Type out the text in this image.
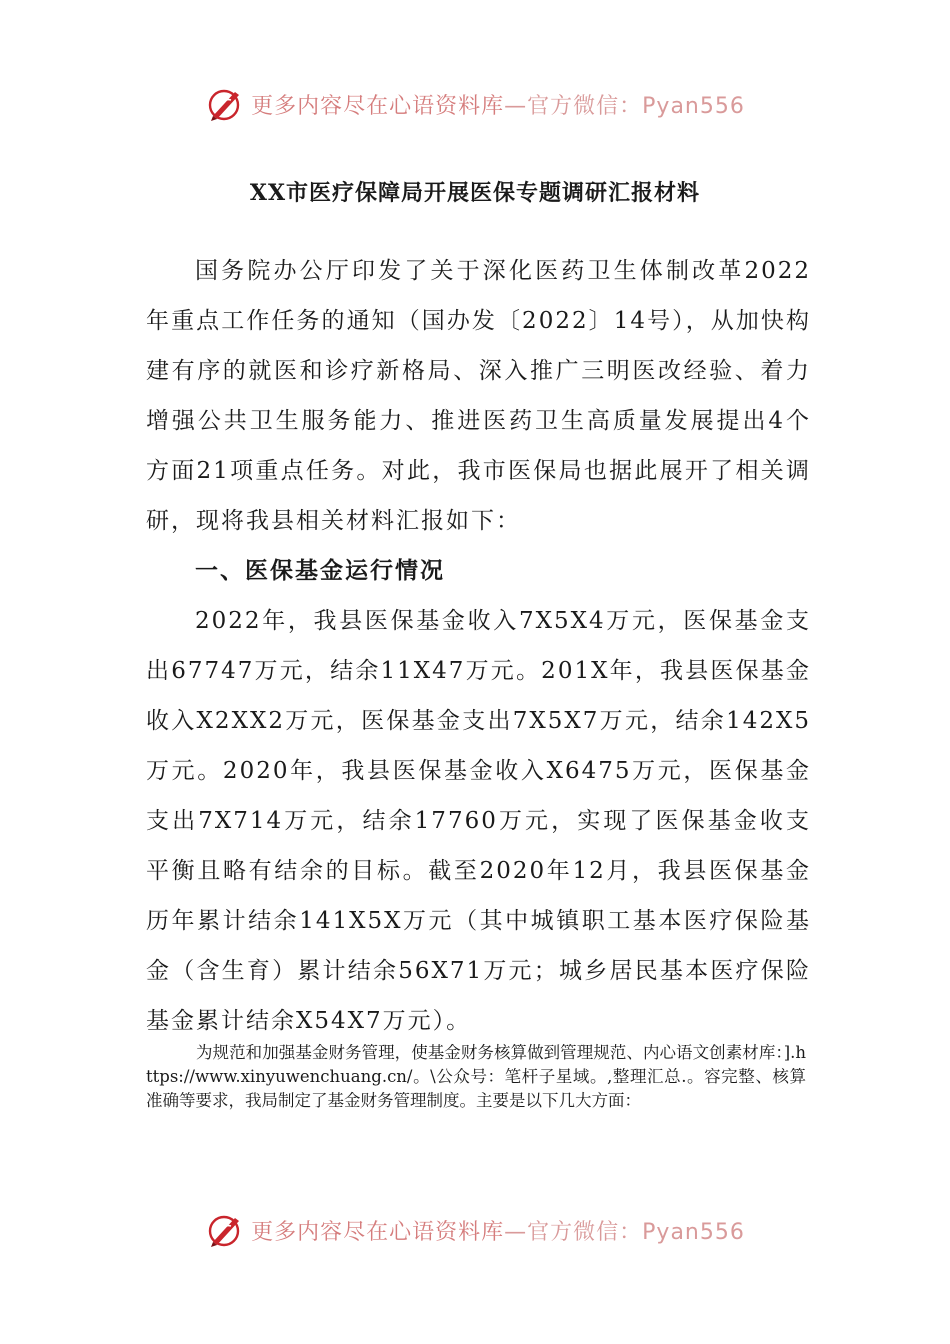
更多内容尽在心语资料库—官方微信：Pyan556
XX市医疗保障局开展医保专题调研汇报材料

国务院办公厅印发了关于深化医药卫生体制改革2022年重点工作任务的通知（国办发〔2022〕14号），从加快构建有序的就医和诊疗新格局、深入推广三明医改经验、着力增强公共卫生服务能力、推进医药卫生高质量发展提出4个方面21项重点任务。对此，我市医保局也据此展开了相关调研，现将我县相关材料汇报如下：

一、医保基金运行情况

2022年，我县医保基金收入7X5X4万元，医保基金支出67747万元，结余11X47万元。201X年，我县医保基金收入X2XX2万元，医保基金支出7X5X7万元，结余142X5万元。2020年，我县医保基金收入X6475万元，医保基金支出7X714万元，结余17760万元，实现了医保基金收支平衡且略有结余的目标。截至2020年12月，我县医保基金历年累计结余141X5X万元（其中城镇职工基本医疗保险基金（含生育）累计结余56X71万元；城乡居民基本医疗保险基金累计结余X54X7万元）。

为规范和加强基金财务管理，使基金财务核算做到管理规范、内心语文创素材库：].https://www.xinyuwenchuang.cn/。\公众号：笔杆子星域。,整理汇总.。容完整、核算准确等要求，我局制定了基金财务管理制度。主要是以下几大方面：

更多内容尽在心语资料库—官方微信：Pyan556
